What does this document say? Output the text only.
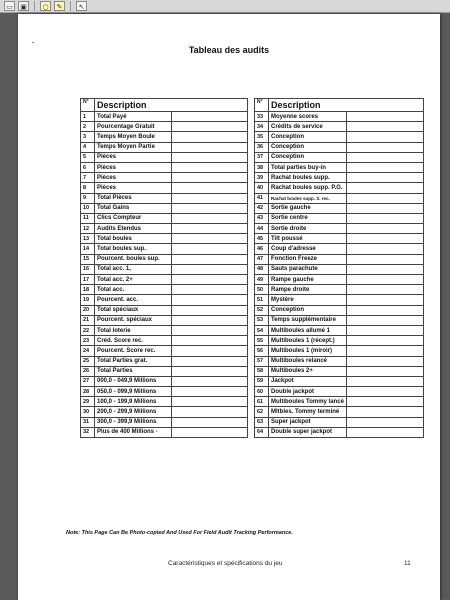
▭	▣	○	✎	↖
Tableau des audits
N°	Description	
1	Total Payé	
2	Pourcentage Gratuit	
3	Temps Moyen Boule	
4	Temps Moyen Partie	
5	Pièces	
6	Pièces	
7	Pièces	
8	Pièces	
9	Total Pièces	
10	Total Gains	
11	Clics Compteur	
12	Audits Etendus	
13	Total boules	
14	Total boules sup.	
15	Pourcent. boules sup.	
16	Total acc. 1,	
17	Total acc. 2+	
18	Total acc.	
19	Pourcent. acc.	
20	Total spéciaux	
21	Pourcent. spéciaux	
22	Total loterie	
23	Créd. Score rec.	
24	Pourcent. Score rec.	
25	Total Parties grat.	
26	Total Parties	
27	000,0 - 049,9 Millions	
28	050,0 - 099,9 Millions	
29	100,0 - 199,9 Millions	
30	200,0 - 299,9 Millions	
31	300,0 - 399,9 Millions	
32	Plus de 400 Millions ·	
N°	Description	
33	Moyenne scores	
34	Crédits de service	
35	Conception	
36	Conception	
37	Conception	
38	Total parties buy-in	
39	Rachat boules supp.	
40	Rachat boules supp. P.G.	
41	Rachat boules supp. S. rec.	
42	Sortie gauche	
43	Sortie centre	
44	Sortie droite	
45	Tilt poussé	
46	Coup d'adresse	
47	Fonction Freeze	
48	Sauts parachute	
49	Rampe gauche	
50	Rampe droite	
51	Mystère	
52	Conception	
53	Temps supplémentaire	
54	Multiboules allumé 1	
55	Multiboules 1 (récept.)	
56	Multiboules 1 (miroir)	
57	Multiboules relancé	
58	Multiboules 2+	
59	Jackpot	
60	Double jackpot	
61	Multiboules Tommy lancé	
62	Mltbles. Tommy terminé	
63	Super jackpot	
64	Double super jackpot	
Note: This Page Can Be Photo-copied And Used For Field Audit Tracking Performance.
Caractéristiques et spécifications du jeu	11
